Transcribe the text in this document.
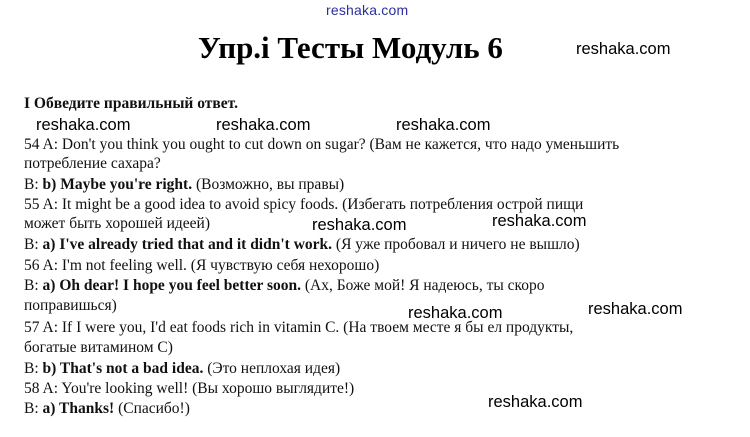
reshaka.com
Упр.i Тесты Модуль 6	reshaka.com
I Обведите правильный ответ.
reshaka.com	reshaka.com	reshaka.com
54 A: Don't you think you ought to cut down on sugar? (Вам не кажется, что надо уменьшить
потребление сахара?
B: b) Maybe you're right. (Возможно, вы правы)
55 A: It might be a good idea to avoid spicy foods. (Избегать потребления острой пищи
может быть хорошей идеей)	reshaka.com	reshaka.com
B: a) I've already tried that and it didn't work. (Я уже пробовал и ничего не вышло)
56 A: I'm not feeling well. (Я чувствую себя нехорошо)
B: a) Oh dear! I hope you feel better soon. (Ах, Боже мой! Я надеюсь, ты скоро
поправишься)	reshaka.com	reshaka.com
57 A: If I were you, I'd eat foods rich in vitamin C. (На твоем месте я бы ел продукты,
богатые витамином С)
B: b) That's not a bad idea. (Это неплохая идея)
58 A: You're looking well! (Вы хорошо выглядите!)
B: a) Thanks! (Спасибо!)	reshaka.com
